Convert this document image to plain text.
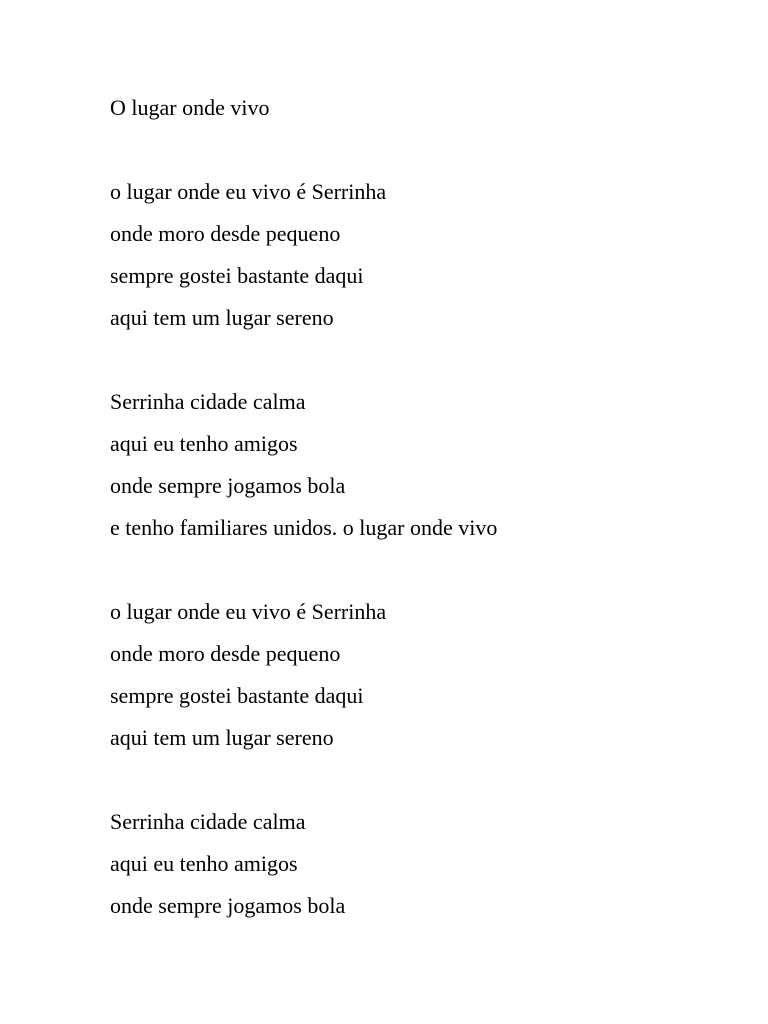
O lugar onde vivo
o lugar onde eu vivo é Serrinha
onde moro desde pequeno
sempre gostei bastante daqui
aqui tem um lugar sereno
Serrinha cidade calma
aqui eu tenho amigos
onde sempre jogamos bola
e tenho familiares unidos. o lugar onde vivo
o lugar onde eu vivo é Serrinha
onde moro desde pequeno
sempre gostei bastante daqui
aqui tem um lugar sereno
Serrinha cidade calma
aqui eu tenho amigos
onde sempre jogamos bola
